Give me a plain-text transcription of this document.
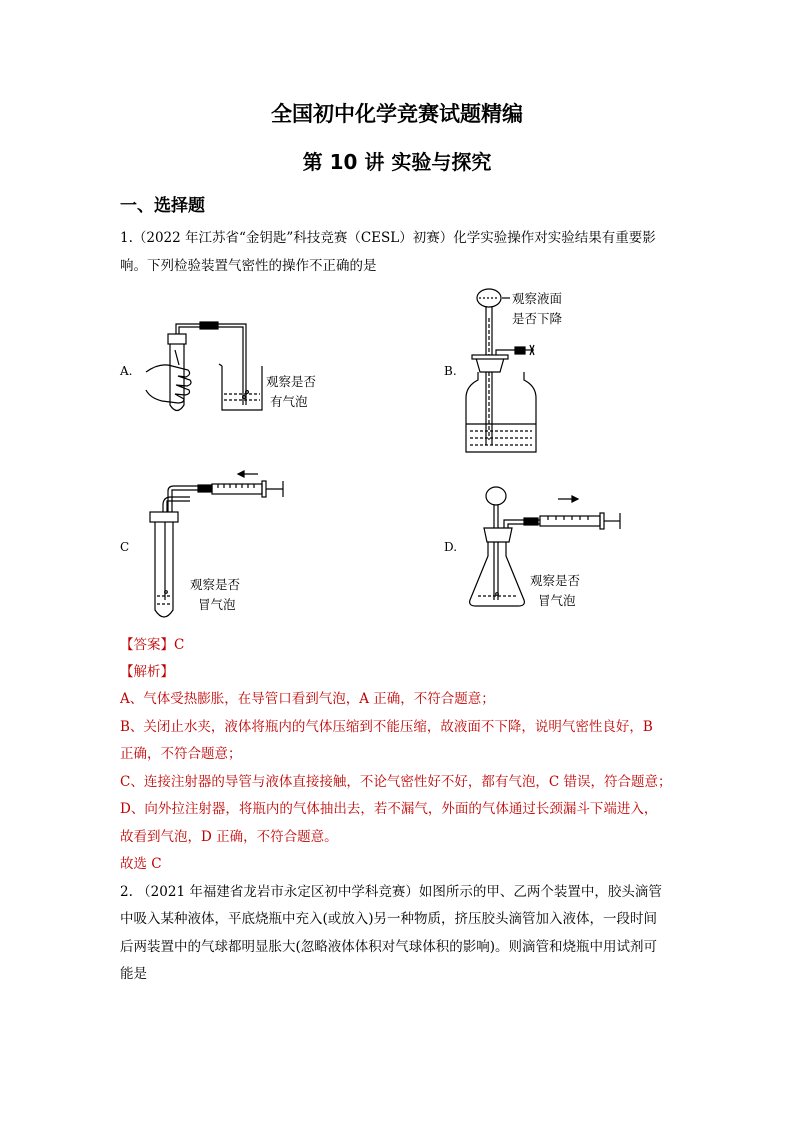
全国初中化学竞赛试题精编
第 10 讲 实验与探究
一、选择题
1.（2022 年江苏省“金钥匙”科技竞赛（CESL）初赛）化学实验操作对实验结果有重要影
响。下列检验装置气密性的操作不正确的是
A.	B.
C	D.
观察是否
有气泡
观察液面
是否下降
观察是否
冒气泡
观察是否
冒气泡
【答案】C
【解析】
A、气体受热膨胀，在导管口看到气泡，A 正确，不符合题意；
B、关闭止水夹，液体将瓶内的气体压缩到不能压缩，故液面不下降，说明气密性良好，B
正确，不符合题意；
C、连接注射器的导管与液体直接接触，不论气密性好不好，都有气泡，C 错误，符合题意；
D、向外拉注射器，将瓶内的气体抽出去，若不漏气，外面的气体通过长颈漏斗下端进入，
故看到气泡，D 正确，不符合题意。
故选 C
2. （2021 年福建省龙岩市永定区初中学科竞赛）如图所示的甲、乙两个装置中，胶头滴管
中吸入某种液体，平底烧瓶中充入(或放入)另一种物质，挤压胶头滴管加入液体，一段时间
后两装置中的气球都明显胀大(忽略液体体积对气球体积的影响)。则滴管和烧瓶中用试剂可
能是
